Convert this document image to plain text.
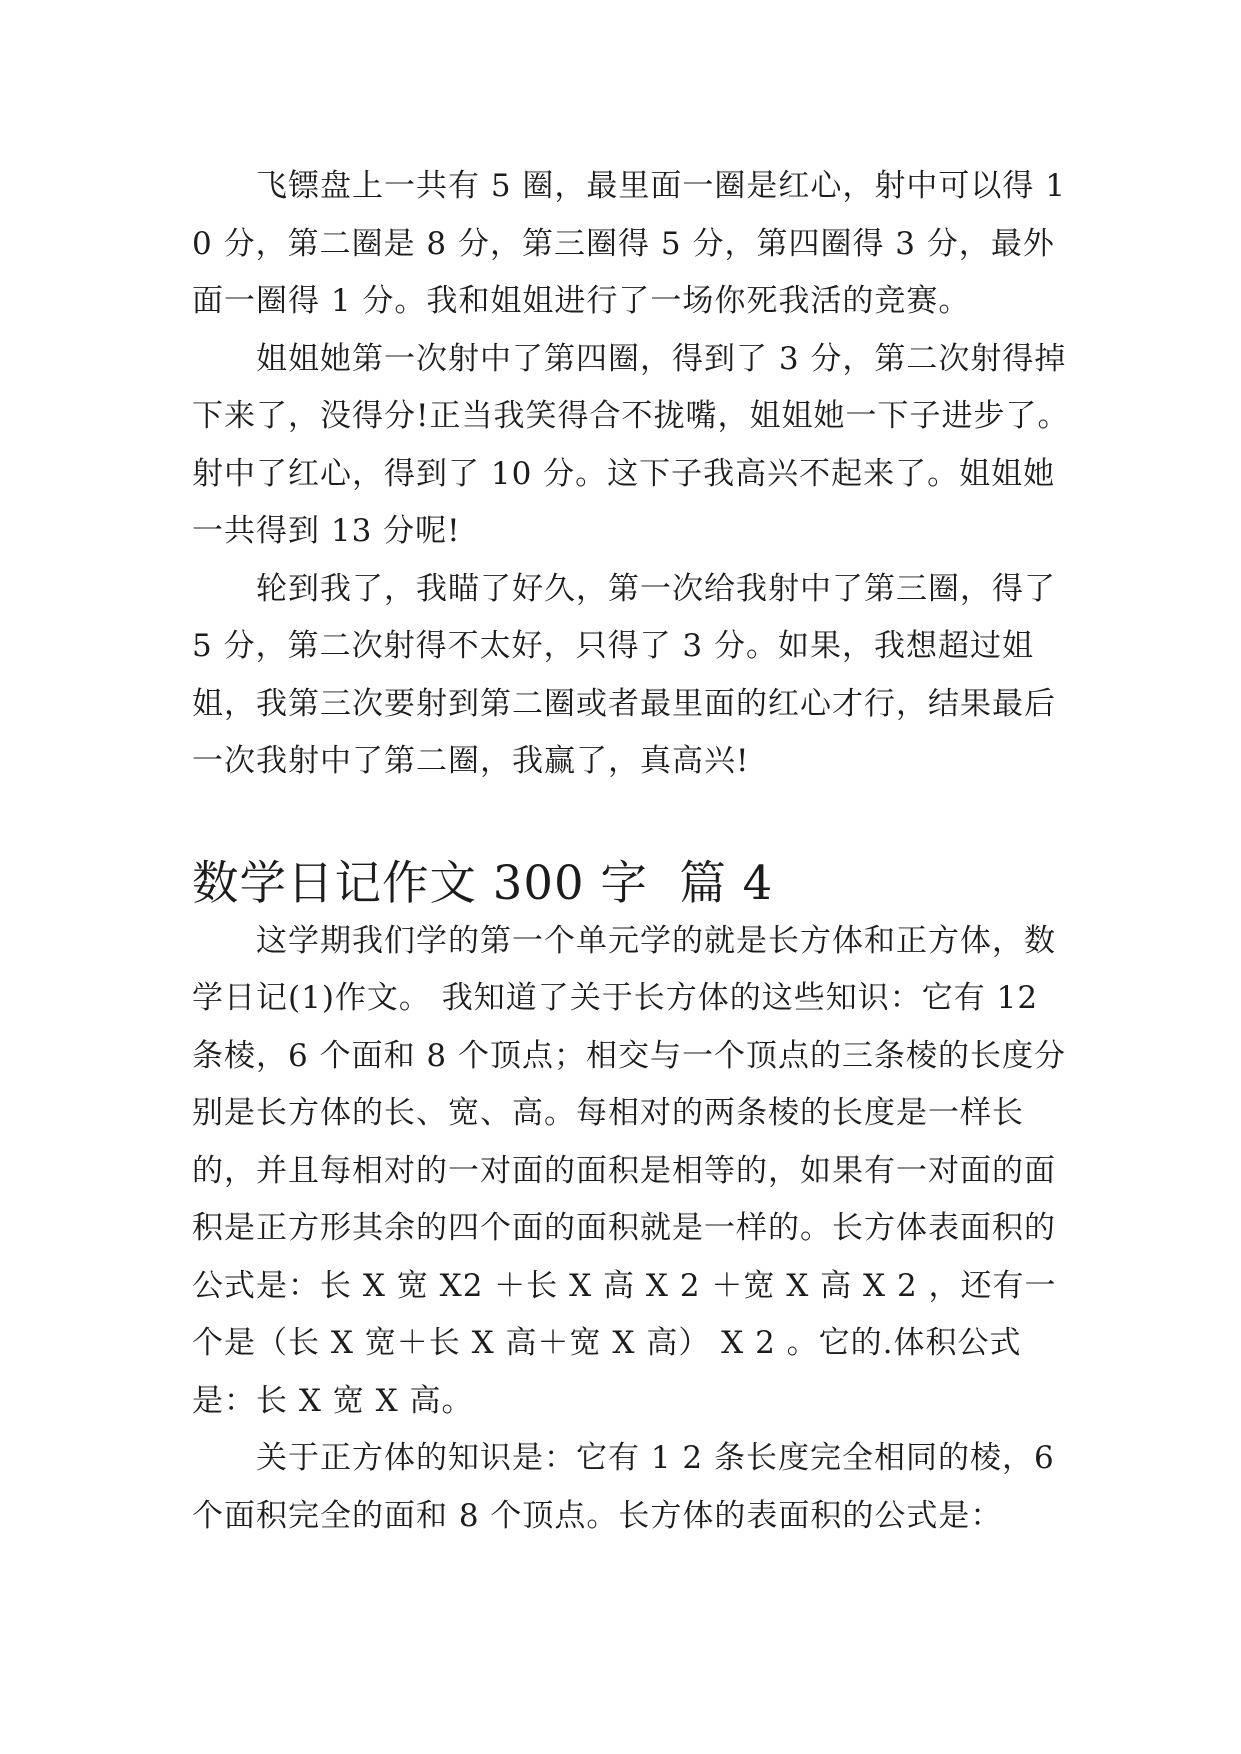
飞镖盘上一共有 5 圈，最里面一圈是红心，射中可以得 10 分，第二圈是 8 分，第三圈得 5 分，第四圈得 3 分，最外面一圈得 1 分。我和姐姐进行了一场你死我活的竞赛。

姐姐她第一次射中了第四圈，得到了 3 分，第二次射得掉下来了，没得分!正当我笑得合不拢嘴，姐姐她一下子进步了。射中了红心，得到了 10 分。这下子我高兴不起来了。姐姐她一共得到 13 分呢!

轮到我了，我瞄了好久，第一次给我射中了第三圈，得了 5 分，第二次射得不太好，只得了 3 分。如果，我想超过姐姐，我第三次要射到第二圈或者最里面的红心才行，结果最后一次我射中了第二圈，我赢了，真高兴!

数学日记作文 300 字  篇 4

这学期我们学的第一个单元学的就是长方体和正方体，数学日记(1)作文。 我知道了关于长方体的这些知识：它有 12 条棱，6 个面和 8 个顶点；相交与一个顶点的三条棱的长度分别是长方体的长、宽、高。每相对的两条棱的长度是一样长的，并且每相对的一对面的面积是相等的，如果有一对面的面积是正方形其余的四个面的面积就是一样的。长方体表面积的公式是：长 X 宽 X2 ＋长 X 高 X 2 ＋宽 X 高 X 2 ，还有一个是（长 X 宽＋长 X 高＋宽 X 高） X 2 。它的.体积公式是：长 X 宽 X 高。

关于正方体的知识是：它有 1 2 条长度完全相同的棱，6 个面积完全的面和 8 个顶点。长方体的表面积的公式是：
